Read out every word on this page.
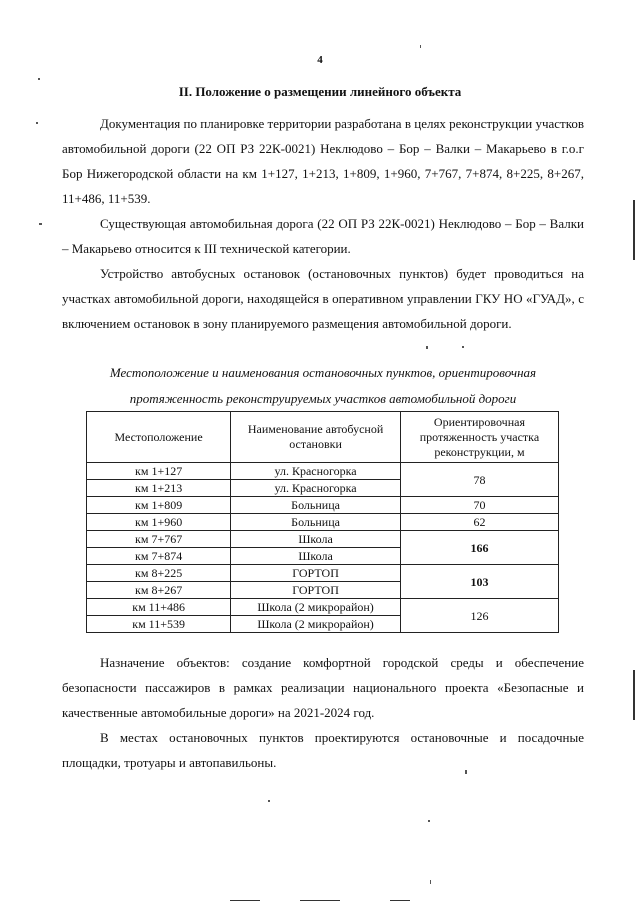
4
II. Положение о размещении линейного объекта

Документация по планировке территории разработана в целях реконструкции участков автомобильной дороги (22 ОП РЗ 22К-0021) Неклюдово – Бор – Валки – Макарьево в г.о.г Бор Нижегородской области на км 1+127, 1+213, 1+809, 1+960, 7+767, 7+874, 8+225, 8+267, 11+486, 11+539.

Существующая автомобильная дорога (22 ОП РЗ 22К-0021) Неклюдово – Бор – Валки – Макарьево относится к III технической категории.

Устройство автобусных остановок (остановочных пунктов) будет проводиться на участках автомобильной дороги, находящейся в оперативном управлении ГКУ НО «ГУАД», с включением остановок в зону планируемого размещения автомобильной дороги.

Местоположение и наименования остановочных пунктов, ориентировочная протяженность реконструируемых участков автомобильной дороги
Местоположение	Наименование автобусной остановки	Ориентировочная протяженность участка реконструкции, м
км 1+127	ул. Красногорка	78
км 1+213	ул. Красногорка	
км 1+809	Больница	70
км 1+960	Больница	62
км 7+767	Школа	166
км 7+874	Школа	
км 8+225	ГОРТОП	103
км 8+267	ГОРТОП	
км 11+486	Школа (2 микрорайон)	126
км 11+539	Школа (2 микрорайон)	

Назначение объектов: создание комфортной городской среды и обеспечение безопасности пассажиров в рамках реализации национального проекта «Безопасные и качественные автомобильные дороги» на 2021-2024 год.

В местах остановочных пунктов проектируются остановочные и посадочные площадки, тротуары и автопавильоны.
